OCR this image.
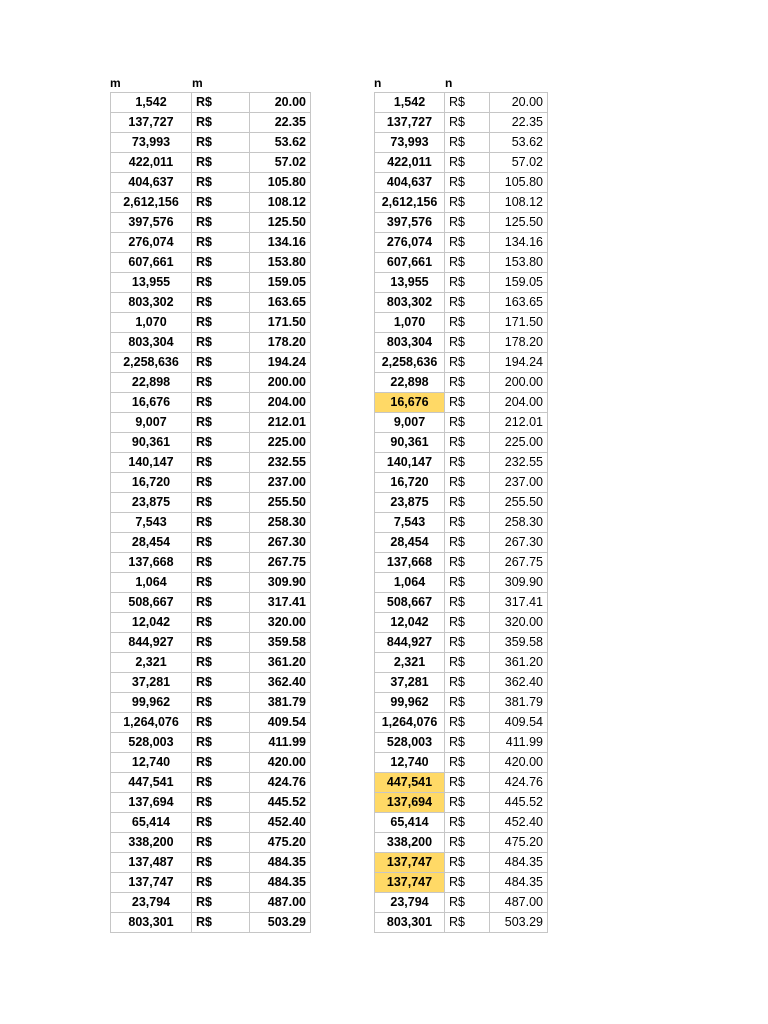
m	m
1,542	R$	20.00
137,727	R$	22.35
73,993	R$	53.62
422,011	R$	57.02
404,637	R$	105.80
2,612,156	R$	108.12
397,576	R$	125.50
276,074	R$	134.16
607,661	R$	153.80
13,955	R$	159.05
803,302	R$	163.65
1,070	R$	171.50
803,304	R$	178.20
2,258,636	R$	194.24
22,898	R$	200.00
16,676	R$	204.00
9,007	R$	212.01
90,361	R$	225.00
140,147	R$	232.55
16,720	R$	237.00
23,875	R$	255.50
7,543	R$	258.30
28,454	R$	267.30
137,668	R$	267.75
1,064	R$	309.90
508,667	R$	317.41
12,042	R$	320.00
844,927	R$	359.58
2,321	R$	361.20
37,281	R$	362.40
99,962	R$	381.79
1,264,076	R$	409.54
528,003	R$	411.99
12,740	R$	420.00
447,541	R$	424.76
137,694	R$	445.52
65,414	R$	452.40
338,200	R$	475.20
137,487	R$	484.35
137,747	R$	484.35
23,794	R$	487.00
803,301	R$	503.29
n	n
1,542	R$	20.00
137,727	R$	22.35
73,993	R$	53.62
422,011	R$	57.02
404,637	R$	105.80
2,612,156	R$	108.12
397,576	R$	125.50
276,074	R$	134.16
607,661	R$	153.80
13,955	R$	159.05
803,302	R$	163.65
1,070	R$	171.50
803,304	R$	178.20
2,258,636	R$	194.24
22,898	R$	200.00
16,676	R$	204.00
9,007	R$	212.01
90,361	R$	225.00
140,147	R$	232.55
16,720	R$	237.00
23,875	R$	255.50
7,543	R$	258.30
28,454	R$	267.30
137,668	R$	267.75
1,064	R$	309.90
508,667	R$	317.41
12,042	R$	320.00
844,927	R$	359.58
2,321	R$	361.20
37,281	R$	362.40
99,962	R$	381.79
1,264,076	R$	409.54
528,003	R$	411.99
12,740	R$	420.00
447,541	R$	424.76
137,694	R$	445.52
65,414	R$	452.40
338,200	R$	475.20
137,747	R$	484.35
137,747	R$	484.35
23,794	R$	487.00
803,301	R$	503.29
